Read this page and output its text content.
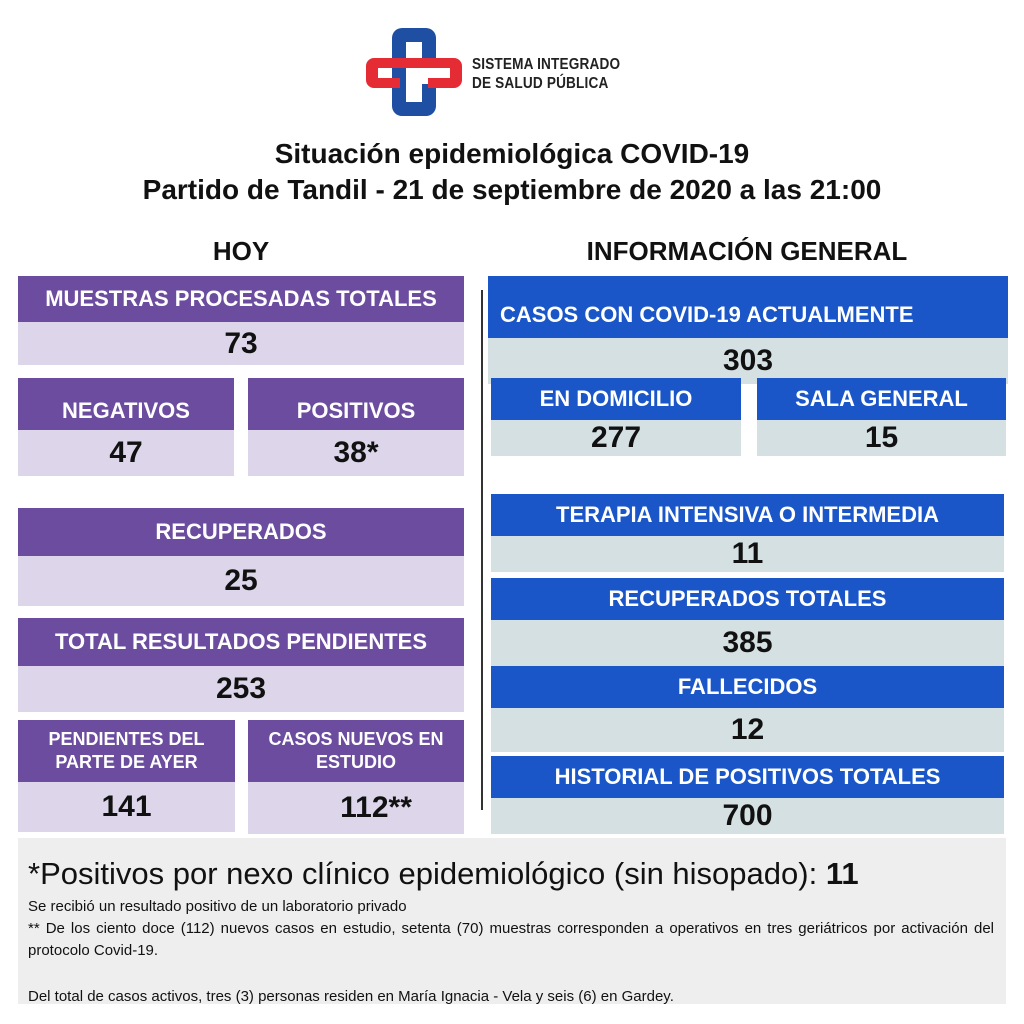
SISTEMA INTEGRADO
DE SALUD PÚBLICA
Situación epidemiológica COVID-19
Partido de Tandil - 21 de septiembre de 2020 a las 21:00
HOY	INFORMACIÓN GENERAL
MUESTRAS PROCESADAS TOTALES
73
NEGATIVOS
47
POSITIVOS
38*
RECUPERADOS
25
TOTAL RESULTADOS PENDIENTES
253
PENDIENTES DEL PARTE DE AYER
141
CASOS NUEVOS EN ESTUDIO
112**
CASOS CON COVID-19 ACTUALMENTE
303
EN DOMICILIO
277
SALA GENERAL
15
TERAPIA INTENSIVA O INTERMEDIA
11
RECUPERADOS TOTALES
385
FALLECIDOS
12
HISTORIAL DE POSITIVOS TOTALES
700
*Positivos por nexo clínico epidemiológico (sin hisopado): 11
Se recibió un resultado positivo de un laboratorio privado
** De los ciento doce (112) nuevos casos en estudio, setenta (70) muestras corresponden a operativos en tres geriátricos por activación del protocolo Covid-19.
Del total de casos activos, tres (3) personas residen en María Ignacia - Vela y seis (6) en Gardey.
